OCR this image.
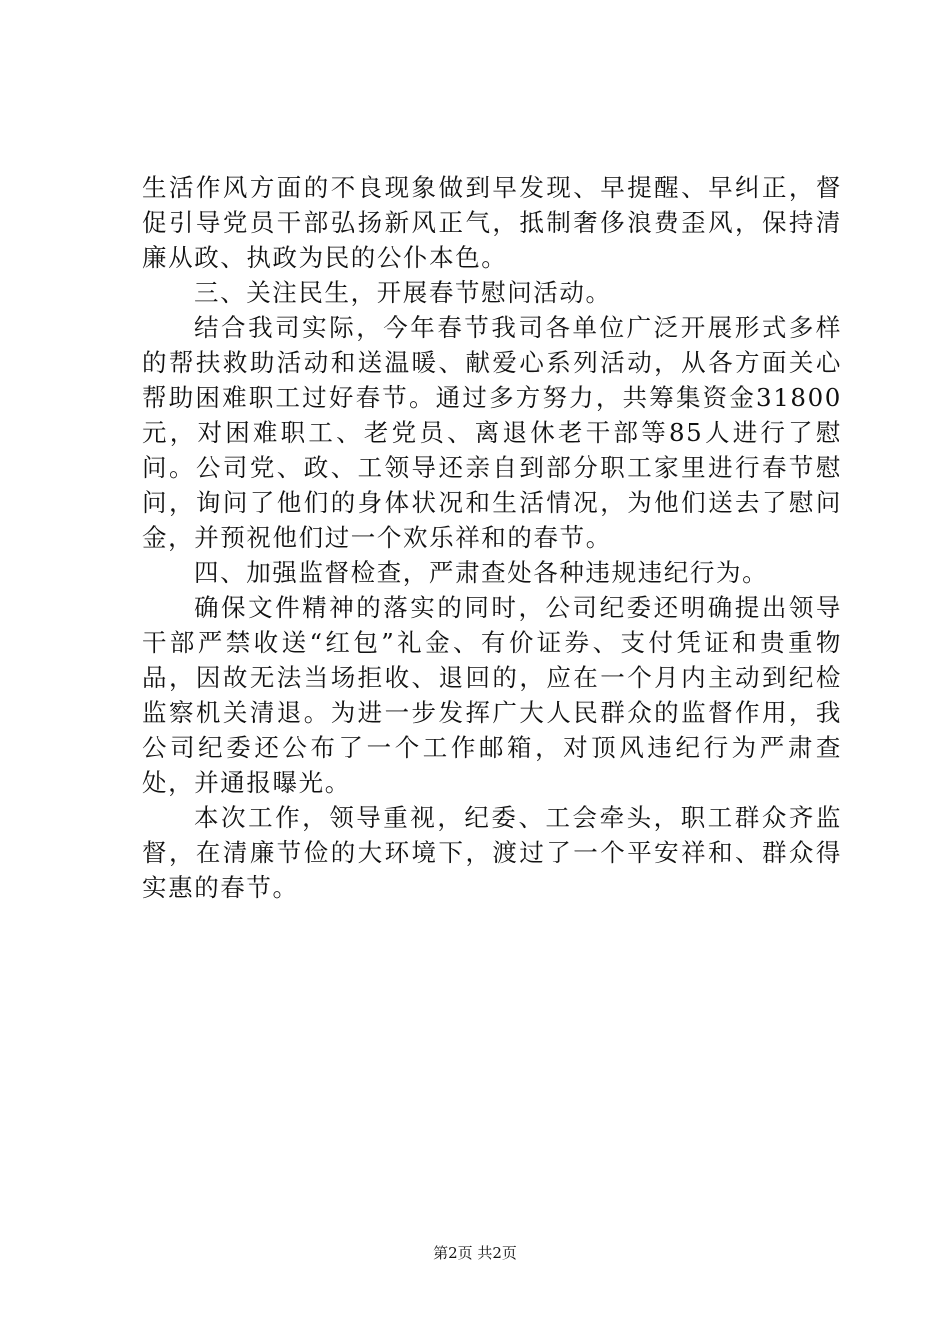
生活作风方面的不良现象做到早发现、早提醒、早纠正，督促引导党员干部弘扬新风正气，抵制奢侈浪费歪风，保持清廉从政、执政为民的公仆本色。

三、关注民生，开展春节慰问活动。

结合我司实际，今年春节我司各单位广泛开展形式多样的帮扶救助活动和送温暖、献爱心系列活动，从各方面关心帮助困难职工过好春节。通过多方努力，共筹集资金31800元，对困难职工、老党员、离退休老干部等85人进行了慰问。公司党、政、工领导还亲自到部分职工家里进行春节慰问，询问了他们的身体状况和生活情况，为他们送去了慰问金，并预祝他们过一个欢乐祥和的春节。

四、加强监督检查，严肃查处各种违规违纪行为。

确保文件精神的落实的同时，公司纪委还明确提出领导干部严禁收送“红包”礼金、有价证券、支付凭证和贵重物品，因故无法当场拒收、退回的，应在一个月内主动到纪检监察机关清退。为进一步发挥广大人民群众的监督作用，我公司纪委还公布了一个工作邮箱，对顶风违纪行为严肃查处，并通报曝光。

本次工作，领导重视，纪委、工会牵头，职工群众齐监督，在清廉节俭的大环境下，渡过了一个平安祥和、群众得实惠的春节。

第2页 共2页
